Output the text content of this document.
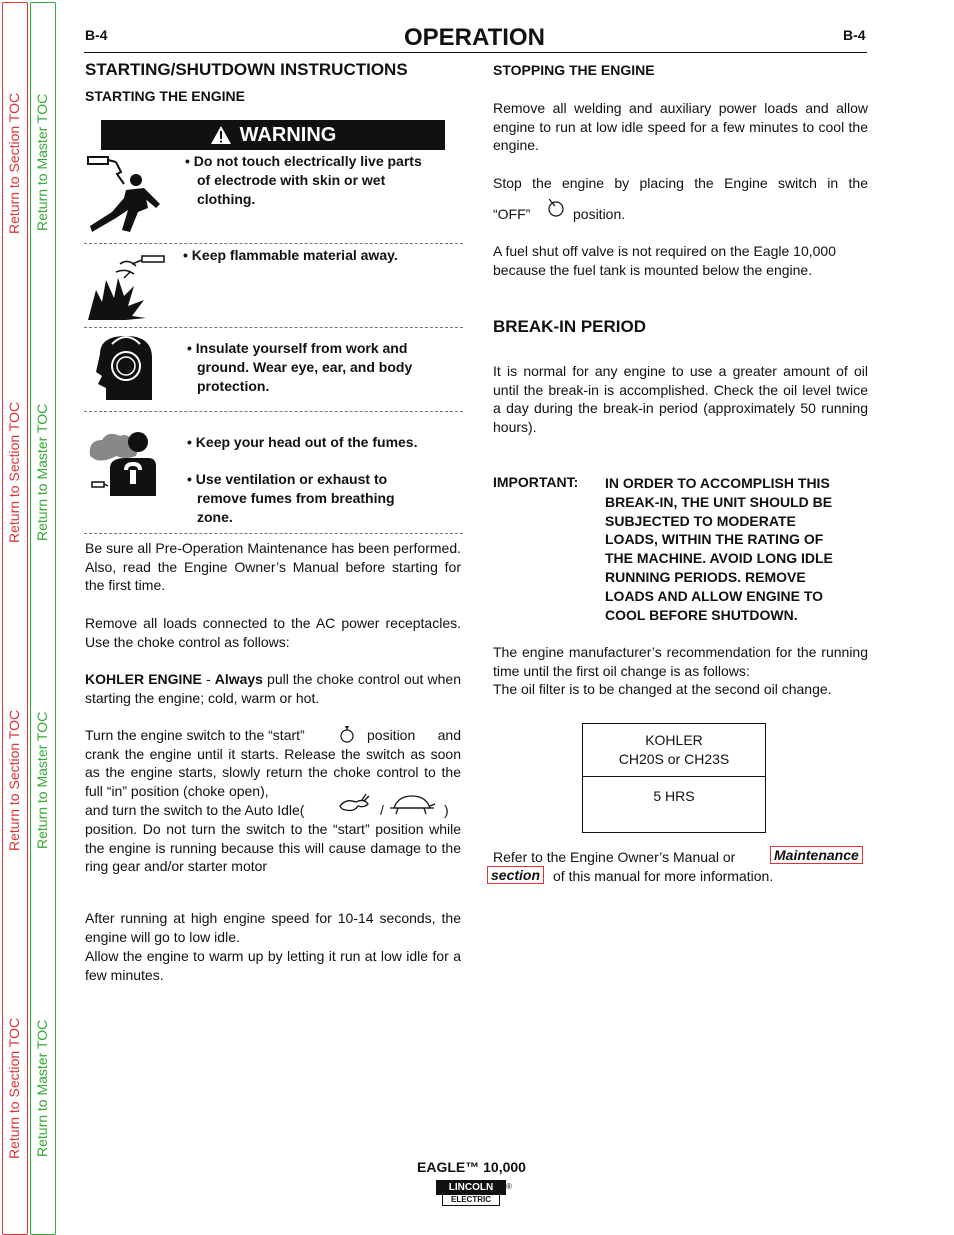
Return to Section TOC
Return to Section TOC
Return to Section TOC
Return to Section TOC
Return to Master TOC
Return to Master TOC
Return to Master TOC
Return to Master TOC
B-4	OPERATION	B-4
STARTING/SHUTDOWN INSTRUCTIONS
STARTING THE ENGINE
WARNING
• Do not touch electrically live parts
of electrode with skin or wet
clothing.
• Keep flammable material away.
• Insulate yourself from work and
ground. Wear eye, ear, and body
protection.
• Keep your head out of the fumes.
• Use ventilation or exhaust to
remove fumes from breathing
zone.
Be sure all Pre-Operation Maintenance has been performed. Also, read the Engine Owner’s Manual before starting for the first time.
Remove all loads connected to the AC power receptacles. Use the choke control as follows:
KOHLER ENGINE - Always pull the choke control out when starting the engine; cold, warm or hot.
Turn the engine switch to the “start”	position and crank the engine until it starts. Release the switch as soon as the engine starts, slowly return the choke control to the full “in” position (choke open),
and turn the switch to the Auto Idle(	/	)
position. Do not turn the switch to the “start” position while the engine is running because this will cause damage to the ring gear and/or starter motor
After running at high engine speed for 10-14 seconds, the engine will go to low idle.
Allow the engine to warm up by letting it run at low idle for a few minutes.
STOPPING THE ENGINE
Remove all welding and auxiliary power loads and allow engine to run at low idle speed for a few minutes to cool the engine.
Stop the engine by placing the Engine switch in the
“OFF”	position.
A fuel shut off valve is not required on the Eagle 10,000 because the fuel tank is mounted below the engine.
BREAK-IN PERIOD
It is normal for any engine to use a greater amount of oil until the break-in is accomplished. Check the oil level twice a day during the break-in period (approximately 50 running hours).
IMPORTANT: IN ORDER TO ACCOMPLISH THIS
BREAK-IN, THE UNIT SHOULD BE
SUBJECTED TO MODERATE
LOADS, WITHIN THE RATING OF
THE MACHINE. AVOID LONG IDLE
RUNNING PERIODS. REMOVE
LOADS AND ALLOW ENGINE TO
COOL BEFORE SHUTDOWN.
The engine manufacturer’s recommendation for the running time until the first oil change is as follows:
The oil filter is to be changed at the second oil change.
KOHLER
CH20S or CH23S
5 HRS
Refer to the Engine Owner’s Manual or	Maintenance
section of this manual for more information.
EAGLE™ 10,000
LINCOLN
ELECTRIC
®
